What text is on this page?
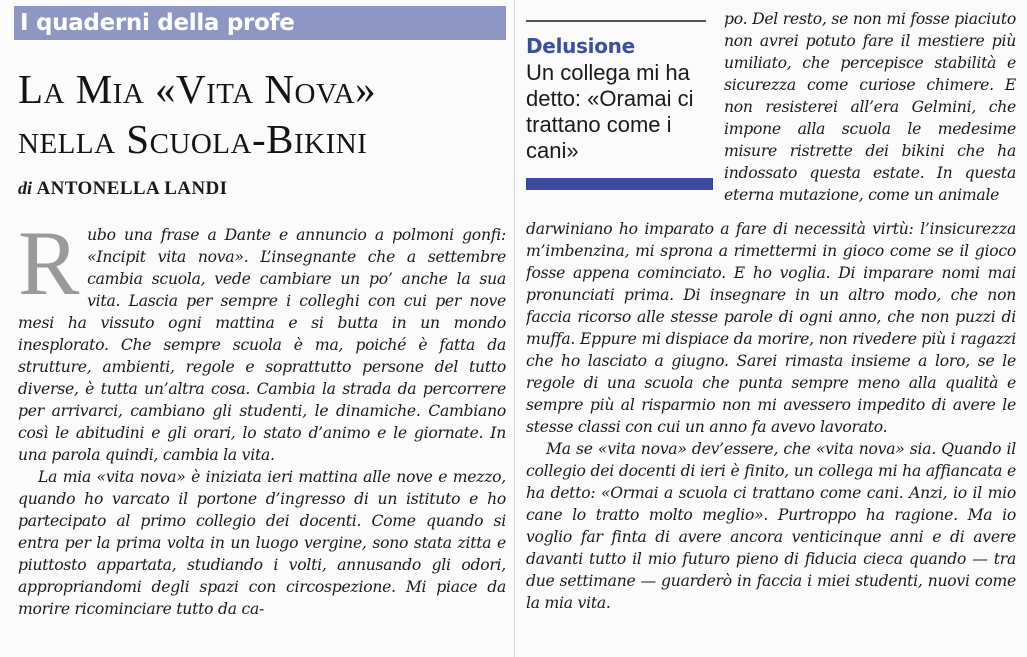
I quaderni della profe
La Mia «Vita Nova»
nella Scuola-Bikini
di ANTONELLA LANDI

R ubo una frase a Dante e annuncio a polmoni gonfi: «Incipit vita nova». L’insegnante che a settembre cambia scuola, vede cambiare un po’ anche la sua vita. Lascia per sempre i colleghi con cui per nove mesi ha vissuto ogni mattina e si butta in un mondo inesplorato. Che sempre scuola è ma, poiché è fatta da strutture, ambienti, regole e soprattutto persone del tutto diverse, è tutta un’altra cosa. Cambia la strada da percorrere per arrivarci, cambiano gli studenti, le dinamiche. Cambiano così le abitudini e gli orari, lo stato d’animo e le giornate. In una parola quindi, cambia la vita.

La mia «vita nova» è iniziata ieri mattina alle nove e mezzo, quando ho varcato il portone d’ingresso di un istituto e ho partecipato al primo collegio dei docenti. Come quando si entra per la prima volta in un luogo vergine, sono stata zitta e piuttosto appartata, studiando i volti, annusando gli odori, appropriandomi degli spazi con circospezione. Mi piace da morire ricominciare tutto da ca-

Delusione
Un collega mi ha detto: «Oramai ci trattano come i cani»

po. Del resto, se non mi fosse piaciuto non avrei potuto fare il mestiere più umiliato, che percepisce stabilità e sicurezza come curiose chimere. E non resisterei all’era Gelmini, che impone alla scuola le medesime misure ristrette dei bikini che ha indossato questa estate. In questa eterna mutazione, come un animale

darwiniano ho imparato a fare di necessità virtù: l’insicurezza m’imbenzina, mi sprona a rimettermi in gioco come se il gioco fosse appena cominciato. E ho voglia. Di imparare nomi mai pronunciati prima. Di insegnare in un altro modo, che non faccia ricorso alle stesse parole di ogni anno, che non puzzi di muffa. Eppure mi dispiace da morire, non rivedere più i ragazzi che ho lasciato a giugno. Sarei rimasta insieme a loro, se le regole di una scuola che punta sempre meno alla qualità e sempre più al risparmio non mi avessero impedito di avere le stesse classi con cui un anno fa avevo lavorato.

Ma se «vita nova» dev’essere, che «vita nova» sia. Quando il collegio dei docenti di ieri è finito, un collega mi ha affiancata e ha detto: «Ormai a scuola ci trattano come cani. Anzi, io il mio cane lo tratto molto meglio». Purtroppo ha ragione. Ma io voglio far finta di avere ancora venticinque anni e di avere davanti tutto il mio futuro pieno di fiducia cieca quando — tra due settimane — guarderò in faccia i miei studenti, nuovi come la mia vita.
